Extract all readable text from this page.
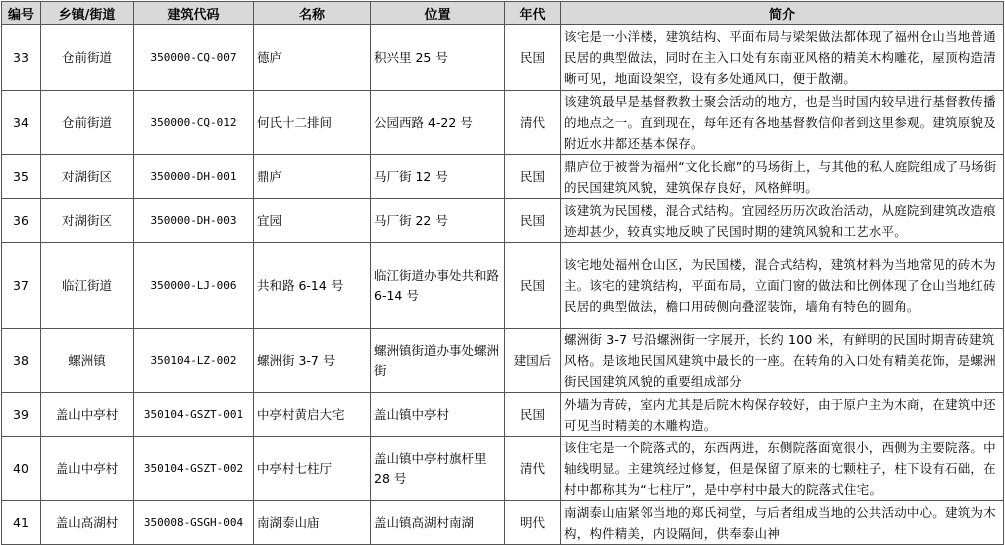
编号	乡镇/街道	建筑代码	名称	位置	年代	简介
33	仓前街道	350000-CQ-007	德庐	积兴里 25 号	民国	该宅是一小洋楼，建筑结构、平面布局与梁架做法都体现了福州仓山当地普通民居的典型做法，同时在主入口处有东南亚风格的精美木构雕花，屋顶构造清晰可见，地面设架空，设有多处通风口，便于散潮。
34	仓前街道	350000-CQ-012	何氏十二排间	公园西路 4-22 号	清代	该建筑最早是基督教教士聚会活动的地方，也是当时国内较早进行基督教传播的地点之一。直到现在，每年还有各地基督教信仰者到这里参观。建筑原貌及附近水井都还基本保存。
35	对湖街区	350000-DH-001	鼎庐	马厂街 12 号	民国	鼎庐位于被誉为福州“文化长廊”的马场街上，与其他的私人庭院组成了马场街的民国建筑风貌，建筑保存良好，风格鲜明。
36	对湖街区	350000-DH-003	宜园	马厂街 22 号	民国	该建筑为民国楼，混合式结构。宜园经历历次政治活动，从庭院到建筑改造痕迹却甚少，较真实地反映了民国时期的建筑风貌和工艺水平。
37	临江街道	350000-LJ-006	共和路 6-14 号	临江街道办事处共和路 6-14 号	民国	该宅地处福州仓山区，为民国楼，混合式结构，建筑材料为当地常见的砖木为主。该宅的建筑结构，平面布局，立面门窗的做法和比例体现了仓山当地红砖民居的典型做法，檐口用砖侧向叠涩装饰，墙角有特色的圆角。
38	螺洲镇	350104-LZ-002	螺洲街 3-7 号	螺洲镇街道办事处螺洲街	建国后	螺洲街 3-7 号沿螺洲街一字展开，长约 100 米，有鲜明的民国时期青砖建筑风格。是该地民国风建筑中最长的一座。在转角的入口处有精美花饰，是螺洲街民国建筑风貌的重要组成部分
39	盖山中亭村	350104-GSZT-001	中亭村黄启大宅	盖山镇中亭村	民国	外墙为青砖，室内尤其是后院木构保存较好，由于原户主为木商，在建筑中还可见当时精美的木雕构造。
40	盖山中亭村	350104-GSZT-002	中亭村七柱厅	盖山镇中亭村旗杆里 28 号	清代	该住宅是一个院落式的，东西两进，东侧院落面宽很小，西侧为主要院落。中轴线明显。主建筑经过修复，但是保留了原来的七颗柱子，柱下设有石础，在村中都称其为“七柱厅”，是中亭村中最大的院落式住宅。
41	盖山高湖村	350008-GSGH-004	南湖泰山庙	盖山镇高湖村南湖	明代	南湖泰山庙紧邻当地的郑氏祠堂，与后者组成当地的公共活动中心。建筑为木构，构件精美，内设隔间，供奉泰山神
